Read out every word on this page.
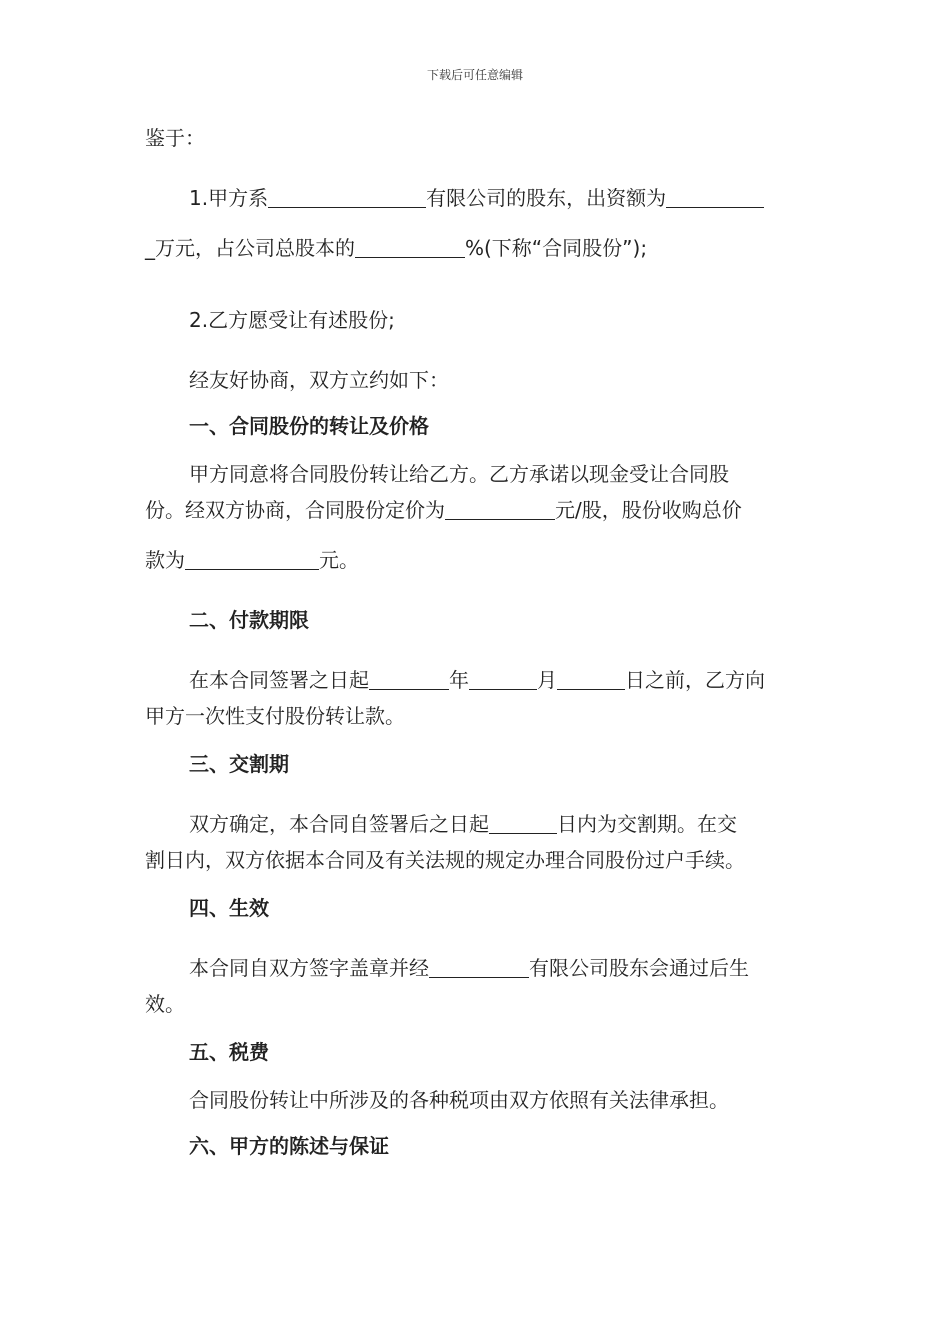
下载后可任意编辑
鉴于：
1.甲方系	有限公司的股东，出资额为
_万元，占公司总股本的	%(下称“合同股份”);
2.乙方愿受让有述股份;
经友好协商，双方立约如下：
一、合同股份的转让及价格
甲方同意将合同股份转让给乙方。乙方承诺以现金受让合同股
份。经双方协商，合同股份定价为	元/股，股份收购总价
款为	元。
二、付款期限
在本合同签署之日起	年	月	日之前，乙方向
甲方一次性支付股份转让款。
三、交割期
双方确定，本合同自签署后之日起	日内为交割期。在交
割日内，双方依据本合同及有关法规的规定办理合同股份过户手续。
四、生效
本合同自双方签字盖章并经	有限公司股东会通过后生
效。
五、税费
合同股份转让中所涉及的各种税项由双方依照有关法律承担。
六、甲方的陈述与保证
